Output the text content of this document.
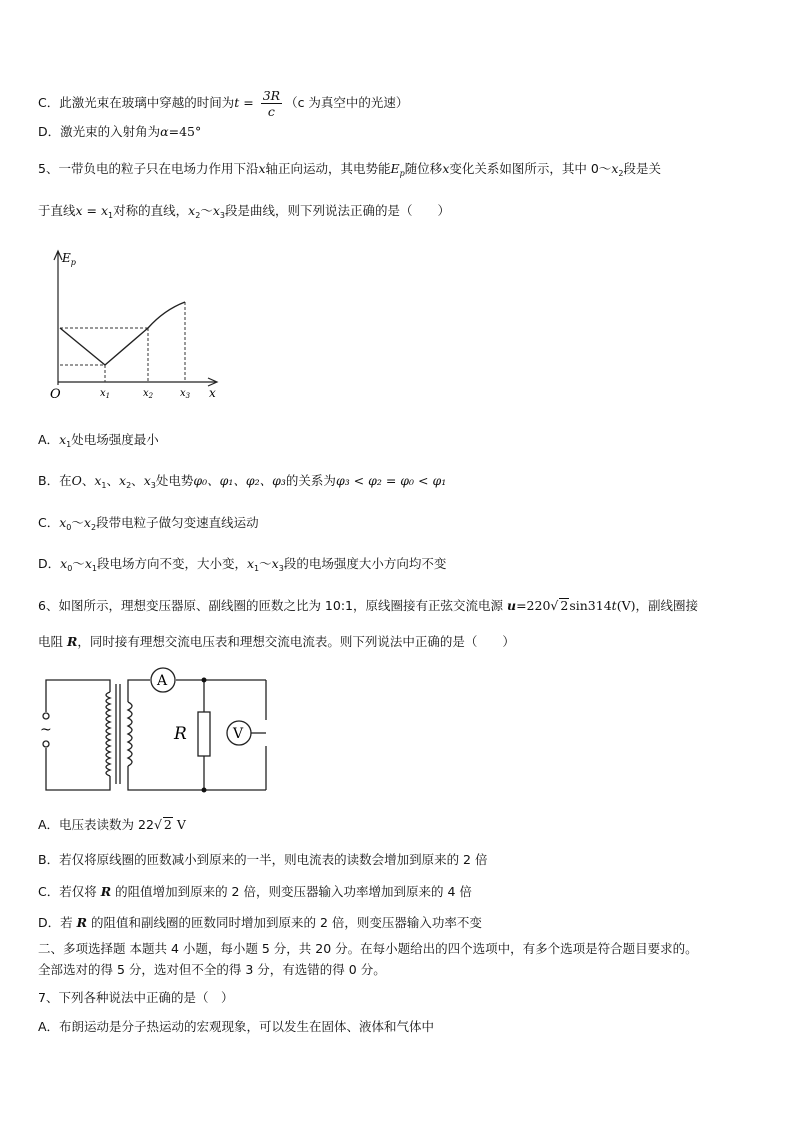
C．此激光束在玻璃中穿越的时间为$t = \frac{3R}{c} (c$ 为真空中的光速）
D．激光束的入射角为α=45°
5、一带负电的粒子只在电场力作用下沿x轴正向运动，其电势能$E_p$随位移x变化关系如图所示，其中 $0\sim x_2$段是关
于直线$x = x_1$对称的直线，$x_2\sim x_3$段是曲线，则下列说法正确的是（　　）
$E_p$
x
O	$x_1$	$x_2$	$x_3$
A．$x_1$处电场强度最小
B．在O、$x_1$、$x_2$、$x_3$处电势φ₀、φ₁、φ₂、φ₃的关系为φ₃ < φ₂ = φ₀ < φ₁
C．$x_0\sim x_2$段带电粒子做匀变速直线运动
D．$x_0\sim x_1$段电场方向不变，大小变，$x_1\sim x_3$段的电场强度大小方向均不变
6、如图所示，理想变压器原、副线圈的匝数之比为 10:1，原线圈接有正弦交流电源 u=220√ 2sin314t(V)，副线圈接
电阻 R，同时接有理想交流电压表和理想交流电流表。则下列说法中正确的是（　　）
A
V
R
~
A．电压表读数为 22√ 2 V
B．若仅将原线圈的匝数减小到原来的一半，则电流表的读数会增加到原来的 2 倍
C．若仅将 R 的阻值增加到原来的 2 倍，则变压器输入功率增加到原来的 4 倍
D．若 R 的阻值和副线圈的匝数同时增加到原来的 2 倍，则变压器输入功率不变
二、多项选择题 本题共 4 小题，每小题 5 分，共 20 分。在每小题给出的四个选项中，有多个选项是符合题目要求的。
全部选对的得 5 分，选对但不全的得 3 分，有选错的得 0 分。
7、下列各种说法中正确的是（　）
A．布朗运动是分子热运动的宏观现象，可以发生在固体、液体和气体中
